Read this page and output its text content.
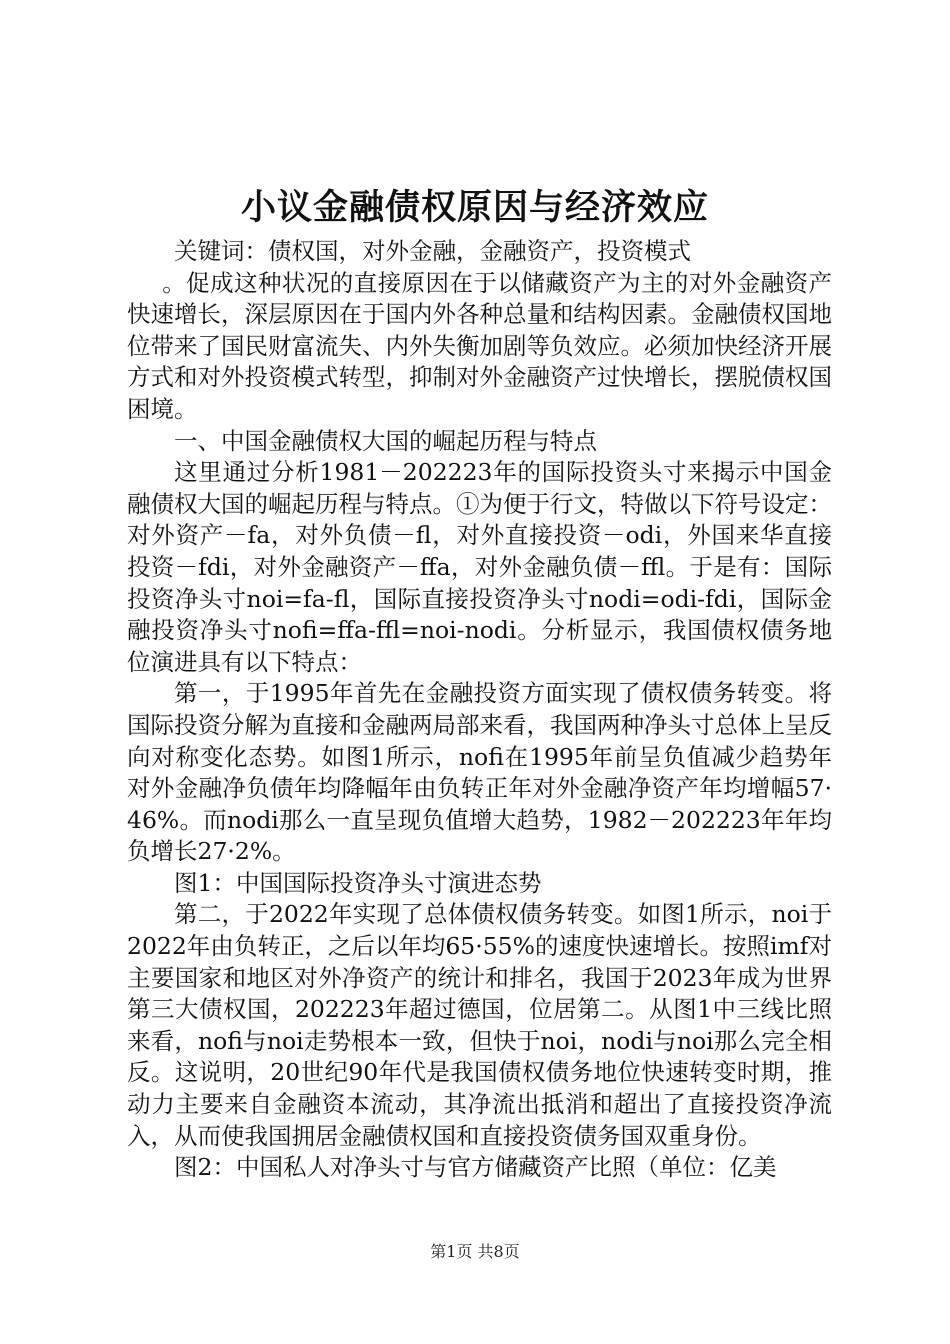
小议金融债权原因与经济效应

关键词：债权国，对外金融，金融资产，投资模式

。促成这种状况的直接原因在于以储藏资产为主的对外金融资产快速增长，深层原因在于国内外各种总量和结构因素。金融债权国地位带来了国民财富流失、内外失衡加剧等负效应。必须加快经济开展方式和对外投资模式转型，抑制对外金融资产过快增长，摆脱债权国困境。

一、中国金融债权大国的崛起历程与特点

这里通过分析1981－202223年的国际投资头寸来揭示中国金融债权大国的崛起历程与特点。①为便于行文，特做以下符号设定：对外资产－fa，对外负债－fl，对外直接投资－odi，外国来华直接投资－fdi，对外金融资产－ffa，对外金融负债－ffl。于是有：国际投资净头寸noi=fa-fl，国际直接投资净头寸nodi=odi-fdi，国际金融投资净头寸nofi=ffa-ffl=noi-nodi。分析显示，我国债权债务地位演进具有以下特点：

第一，于1995年首先在金融投资方面实现了债权债务转变。将国际投资分解为直接和金融两局部来看，我国两种净头寸总体上呈反向对称变化态势。如图1所示，nofi在1995年前呈负值减少趋势年对外金融净负债年均降幅年由负转正年对外金融净资产年均增幅57·46%。而nodi那么一直呈现负值增大趋势，1982－202223年年均负增长27·2%。

图1：中国国际投资净头寸演进态势

第二，于2022年实现了总体债权债务转变。如图1所示，noi于2022年由负转正，之后以年均65·55%的速度快速增长。按照imf对主要国家和地区对外净资产的统计和排名，我国于2023年成为世界第三大债权国，202223年超过德国，位居第二。从图1中三线比照来看，nofi与noi走势根本一致，但快于noi，nodi与noi那么完全相反。这说明，20世纪90年代是我国债权债务地位快速转变时期，推动力主要来自金融资本流动，其净流出抵消和超出了直接投资净流入，从而使我国拥居金融债权国和直接投资债务国双重身份。

图2：中国私人对净头寸与官方储藏资产比照（单位：亿美

第1页 共8页
